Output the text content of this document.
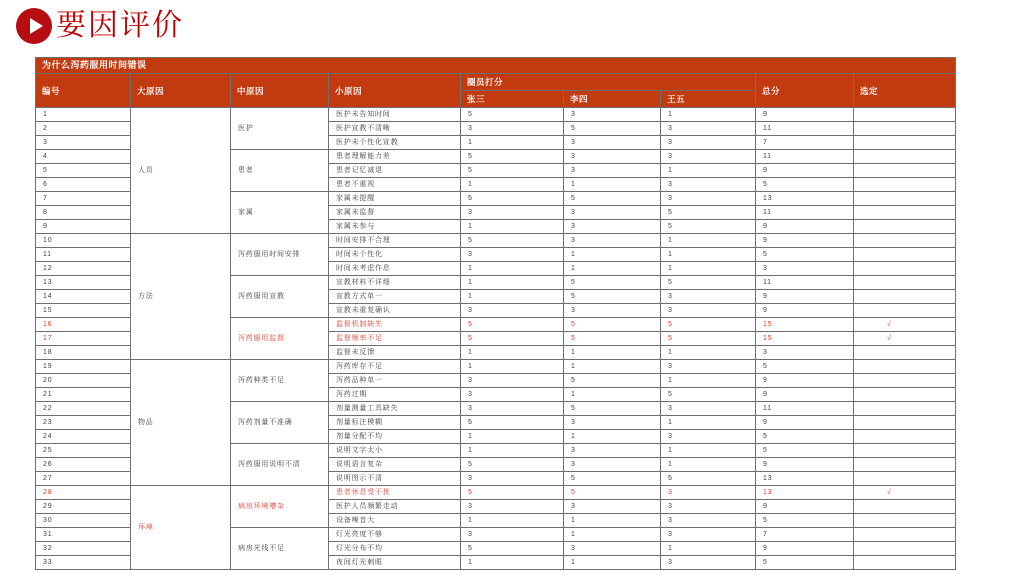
要因评价
为什么泻药服用时间错误								
编号	大原因	中原因	小原因	圈员打分			总分	选定
				张三	李四	王五		
1	人员	医护	医护未告知时间	5	3	1	9	
2			医护宣教不清晰	3	5	3	11	
3			医护未个性化宣教	1	3	3	7	
4		患者	患者理解能力差	5	3	3	11	
5			患者记忆减退	5	3	1	9	
6			患者不重视	1	1	3	5	
7		家属	家属未提醒	5	5	3	13	
8			家属未监督	3	3	5	11	
9			家属未参与	1	3	5	9	
10	方法	泻药服用时间安排	时间安排不合理	5	3	1	9	
11			时间未个性化	3	1	1	5	
12			时间未考虑作息	1	1	1	3	
13		泻药服用宣教	宣教材料不详细	1	5	5	11	
14			宣教方式单一	1	5	3	9	
15			宣教未重复确认	3	3	3	9	
16		泻药服用监督	监督机制缺失	5	5	5	15	√
17			监督频率不足	5	5	5	15	√
18			监督未反馈	1	1	1	3	
19	物品	泻药种类不足	泻药库存不足	1	1	3	5	
20			泻药品种单一	3	5	1	9	
21			泻药过期	3	1	5	9	
22		泻药剂量不准确	剂量测量工具缺失	3	5	3	11	
23			剂量标注模糊	5	3	1	9	
24			剂量分配不均	1	1	3	5	
25		泻药服用说明不清	说明文字太小	1	3	1	5	
26			说明语言复杂	5	3	1	9	
27			说明图示不清	3	5	5	13	
28	环境	病房环境嘈杂	患者休息受干扰	5	5	3	13	√
29			医护人员频繁走动	3	3	3	9	
30			设备噪音大	1	1	3	5	
31		病房光线不足	灯光亮度不够	3	1	3	7	
32			灯光分布不均	5	3	1	9	
33			夜间灯光刺眼	1	1	3	5	
